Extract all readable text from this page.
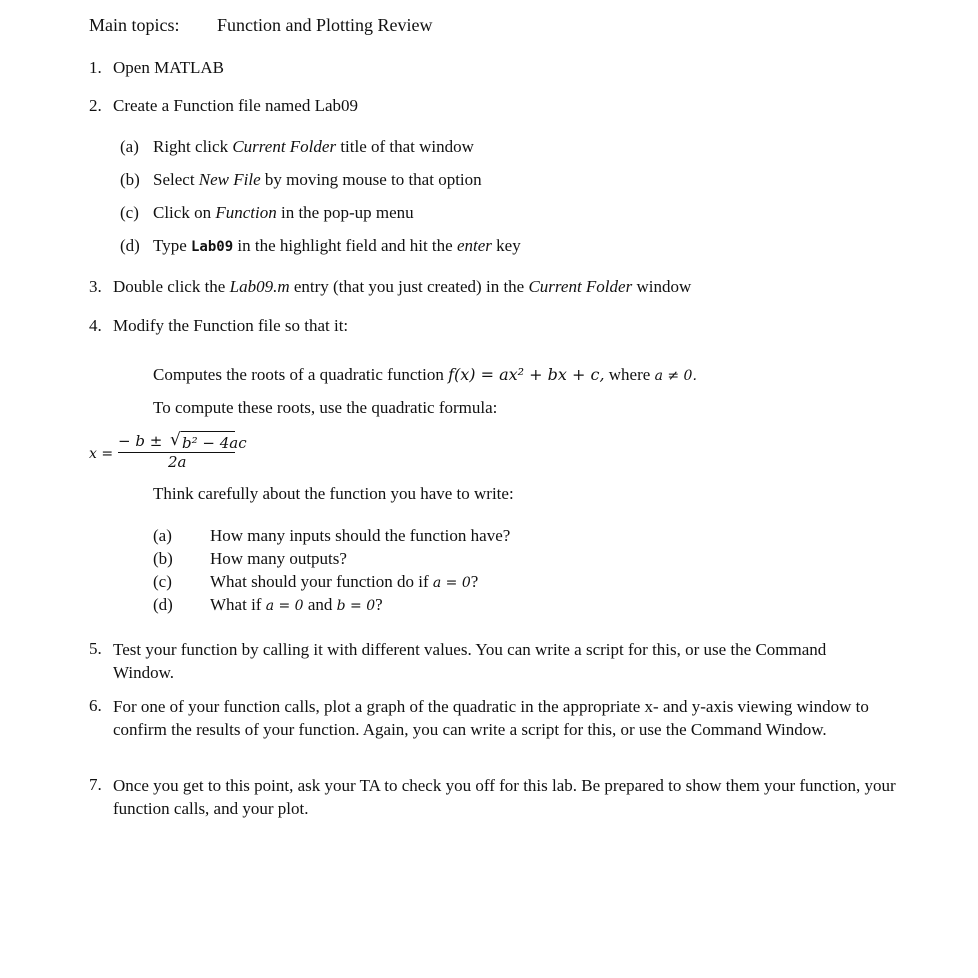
Main topics: Function and Plotting Review
1. Open MATLAB
2. Create a Function file named Lab09
(a) Right click Current Folder title of that window
(b) Select New File by moving mouse to that option
(c) Click on Function in the pop-up menu
(d) Type Lab09 in the highlight field and hit the enter key
3. Double click the Lab09.m entry (that you just created) in the Current Folder window
4. Modify the Function file so that it:
Computes the roots of a quadratic function f(x) = ax² + bx + c, where a ≠ 0.
To compute these roots, use the quadratic formula:
x =
− b ± √ b² − 4ac
2a
Think carefully about the function you have to write:
(a) How many inputs should the function have?
(b) How many outputs?
(c) What should your function do if a = 0?
(d) What if a = 0 and b = 0?
5. Test your function by calling it with different values. You can write a script for this, or use the Command Window.
6. For one of your function calls, plot a graph of the quadratic in the appropriate x- and y-axis viewing window to confirm the results of your function. Again, you can write a script for this, or use the Command Window.
7. Once you get to this point, ask your TA to check you off for this lab. Be prepared to show them your function, your function calls, and your plot.
